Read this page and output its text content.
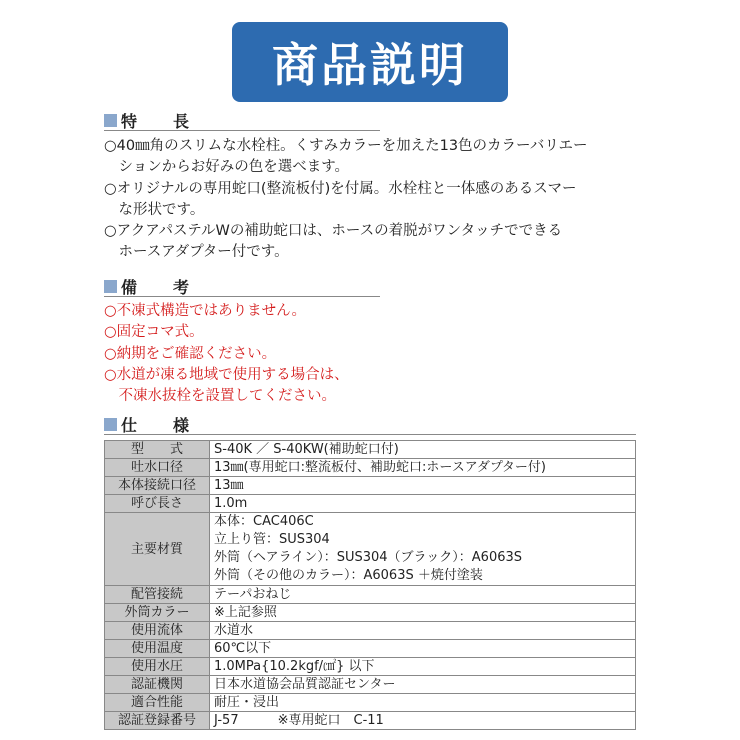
商品説明
特　長
○40㎜角のスリムな水栓柱。くすみカラーを加えた13色のカラーバリエー
　ションからお好みの色を選べます。
○オリジナルの専用蛇口(整流板付)を付属。水栓柱と一体感のあるスマー
　な形状です。
○アクアパステルWの補助蛇口は、ホースの着脱がワンタッチでできる
　ホースアダプター付です。
備　考
○不凍式構造ではありません。
○固定コマ式。
○納期をご確認ください。
○水道が凍る地域で使用する場合は、
　不凍水抜栓を設置してください。
仕　様
型　　式	S-40K ／ S-40KW(補助蛇口付)
吐水口径	13㎜(専用蛇口:整流板付、補助蛇口:ホースアダプター付)
本体接続口径	13㎜
呼び長さ	1.0m
主要材質	本体：CAC406C
立上り管：SUS304
外筒（ヘアライン）：SUS304（ブラック）：A6063S
外筒（その他のカラー）：A6063S ＋焼付塗装

配管接続	テーパおねじ
外筒カラー	※上記参照
使用流体	水道水
使用温度	60℃以下
使用水圧	1.0MPa{10.2kgf/㎠} 以下
認証機関	日本水道協会品質認証センター
適合性能	耐圧・浸出
認証登録番号	J-57　　　※専用蛇口　C-11
